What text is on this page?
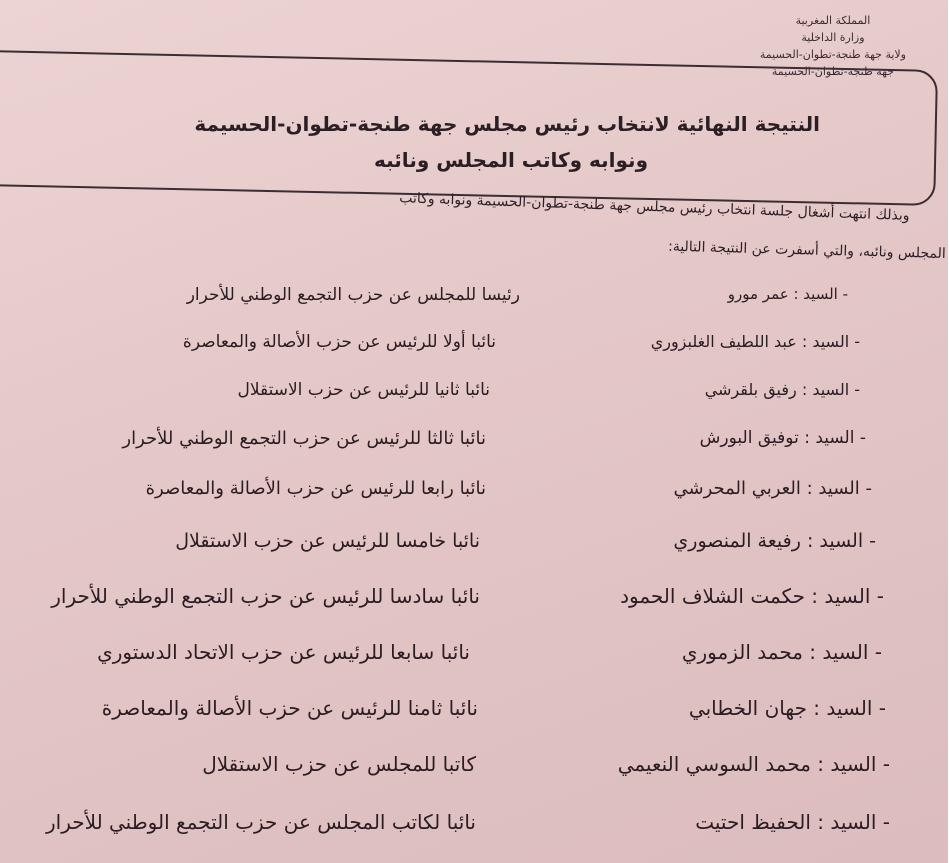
المملكة المغربية
وزارة الداخلية
ولاية جهة طنجة-تطوان-الحسيمة
جهة طنجة-تطوان-الحسيمة
النتيجة النهائية لانتخاب رئيس مجلس جهة طنجة-تطوان-الحسيمة
ونوابه وكاتب المجلس ونائبه
وبذلك انتهت أشغال جلسة انتخاب رئيس مجلس جهة طنجة-تطوان-الحسيمة ونوابه وكاتب
المجلس ونائبه، والتي أسفرت عن النتيجة التالية:
- السيد : عمر مورو
رئيسا للمجلس عن حزب التجمع الوطني للأحرار
- السيد : عبد اللطيف الغلبزوري
نائبا أولا للرئيس عن حزب الأصالة والمعاصرة
- السيد : رفيق بلقرشي
نائبا ثانيا للرئيس عن حزب الاستقلال
- السيد : توفيق البورش
نائبا ثالثا للرئيس عن حزب التجمع الوطني للأحرار
- السيد : العربي المحرشي
نائبا رابعا للرئيس عن حزب الأصالة والمعاصرة
- السيد : رفيعة المنصوري
نائبا خامسا للرئيس عن حزب الاستقلال
- السيد : حكمت الشلاف الحمود
نائبا سادسا للرئيس عن حزب التجمع الوطني للأحرار
- السيد : محمد الزموري
نائبا سابعا للرئيس عن حزب الاتحاد الدستوري
- السيد : جهان الخطابي
نائبا ثامنا للرئيس عن حزب الأصالة والمعاصرة
- السيد : محمد السوسي النعيمي
كاتبا للمجلس عن حزب الاستقلال
- السيد : الحفيظ احتيت
نائبا لكاتب المجلس عن حزب التجمع الوطني للأحرار
